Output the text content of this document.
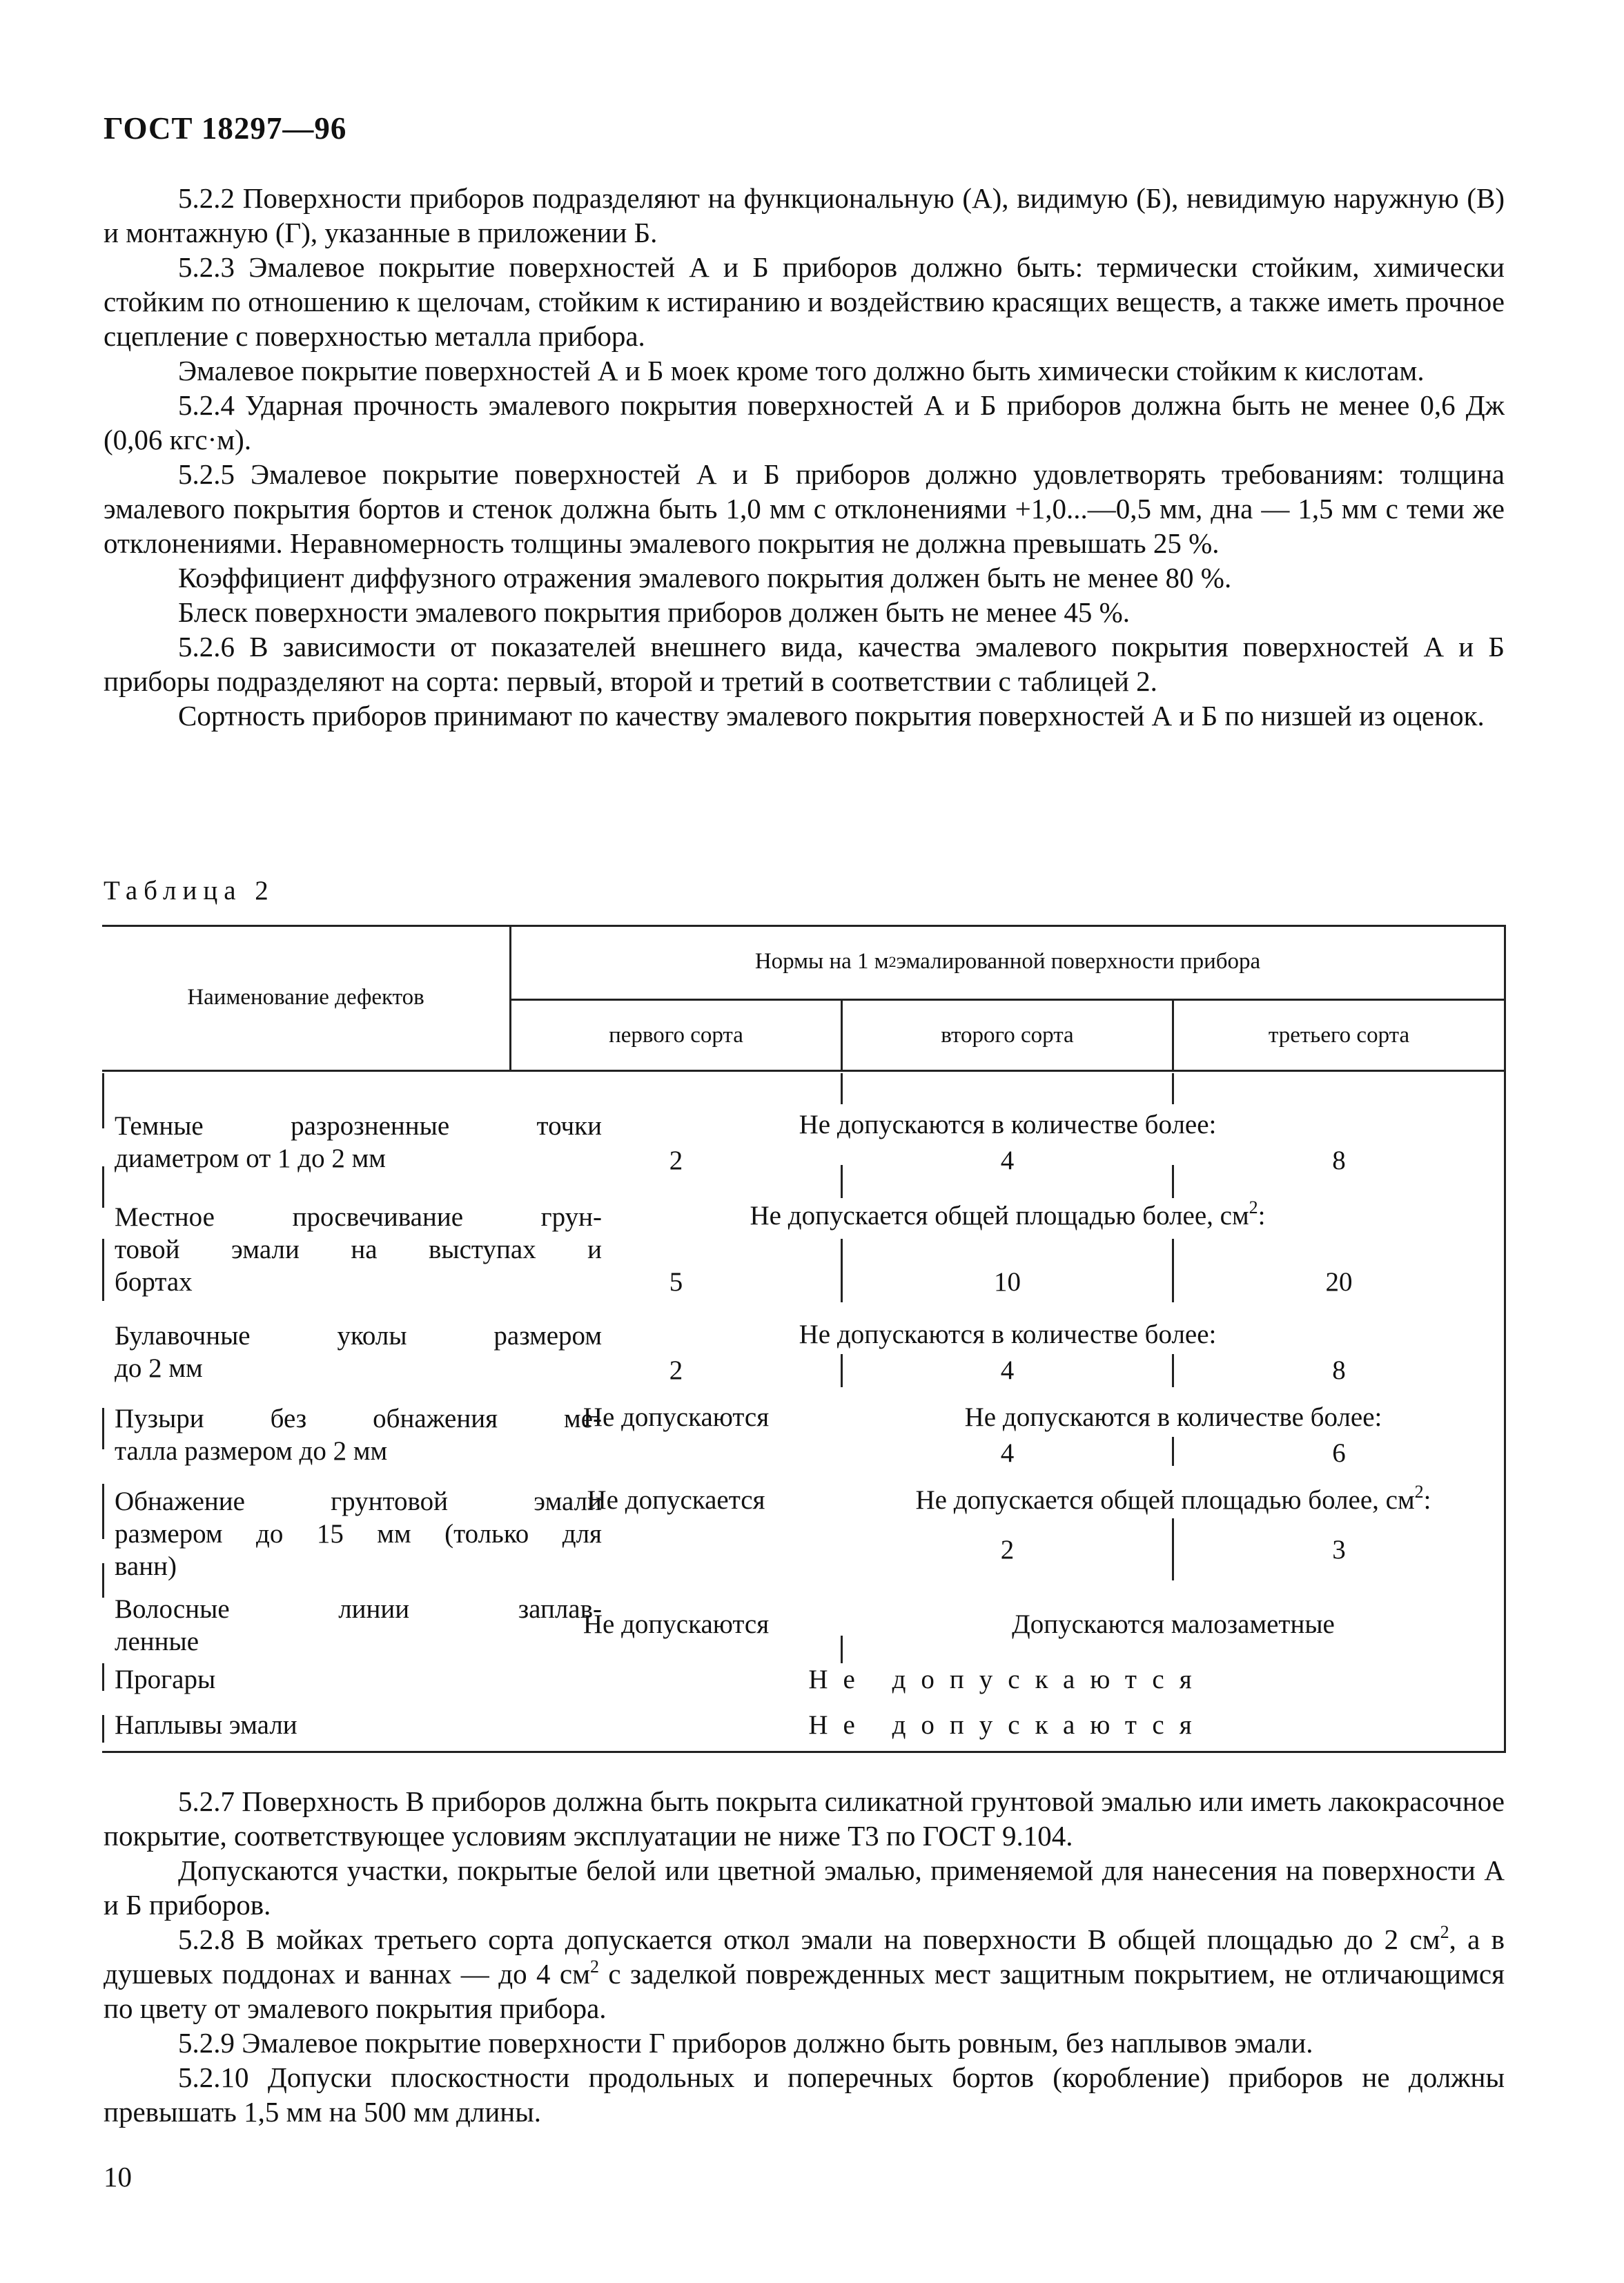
ГОСТ 18297—96

5.2.2 Поверхности приборов подразделяют на функциональную (А), видимую (Б), невидимую наружную (В) и монтажную (Г), указанные в приложении Б.

5.2.3 Эмалевое покрытие поверхностей А и Б приборов должно быть: термически стойким, химически стойким по отношению к щелочам, стойким к истиранию и воздействию красящих веществ, а также иметь прочное сцепление с поверхностью металла прибора.

Эмалевое покрытие поверхностей А и Б моек кроме того должно быть химически стойким к кислотам.

5.2.4 Ударная прочность эмалевого покрытия поверхностей А и Б приборов должна быть не менее 0,6 Дж (0,06 кгс·м).

5.2.5 Эмалевое покрытие поверхностей А и Б приборов должно удовлетворять требованиям: толщина эмалевого покрытия бортов и стенок должна быть 1,0 мм с отклонениями +1,0...—0,5 мм, дна — 1,5 мм с теми же отклонениями. Неравномерность толщины эмалевого покрытия не должна превышать 25 %.

Коэффициент диффузного отражения эмалевого покрытия должен быть не менее 80 %.

Блеск поверхности эмалевого покрытия приборов должен быть не менее 45 %.

5.2.6 В зависимости от показателей внешнего вида, качества эмалевого покрытия поверхностей А и Б приборы подразделяют на сорта: первый, второй и третий в соответствии с таблицей 2.

Сортность приборов принимают по качеству эмалевого покрытия поверхностей А и Б по низшей из оценок.

Таблица 2
Наименование дефектов
Нормы на 1 м 2 эмалированной поверхности прибора
первого сорта	второго сорта	третьего сорта
Темные разрозненные точки
диаметром от 1 до 2 мм
Не допускаются в количестве более:
2	4	8
Местное просвечивание грун-
товой эмали на выступах и
бортах
Не допускается общей площадью более, $см^2$:
5	10	20
Булавочные уколы размером
до 2 мм
Не допускаются в количестве более:
2	4	8
Пузыри без обнажения ме-
талла размером до 2 мм
Не допускаются	Не допускаются в количестве более:
4	6
Обнажение грунтовой эмали
размером до 15 мм (только для
ванн)
Не допускается	Не допускается общей площадью более, $см^2$:
2	3
Волосные линии заплав-
ленные
Не допускаются	Допускаются малозаметные
Прогары	Не допускаются
Наплывы эмали	Не допускаются

5.2.7 Поверхность В приборов должна быть покрыта силикатной грунтовой эмалью или иметь лакокрасочное покрытие, соответствующее условиям эксплуатации не ниже Т3 по ГОСТ 9.104.

Допускаются участки, покрытые белой или цветной эмалью, применяемой для нанесения на поверхности А и Б приборов.

5.2.8 В мойках третьего сорта допускается откол эмали на поверхности В общей площадью до 2 $см^2$, а в душевых поддонах и ваннах — до 4 $см^2$ с заделкой поврежденных мест защитным покрытием, не отличающимся по цвету от эмалевого покрытия прибора.

5.2.9 Эмалевое покрытие поверхности Г приборов должно быть ровным, без наплывов эмали.

5.2.10 Допуски плоскостности продольных и поперечных бортов (коробление) приборов не должны превышать 1,5 мм на 500 мм длины.

10
